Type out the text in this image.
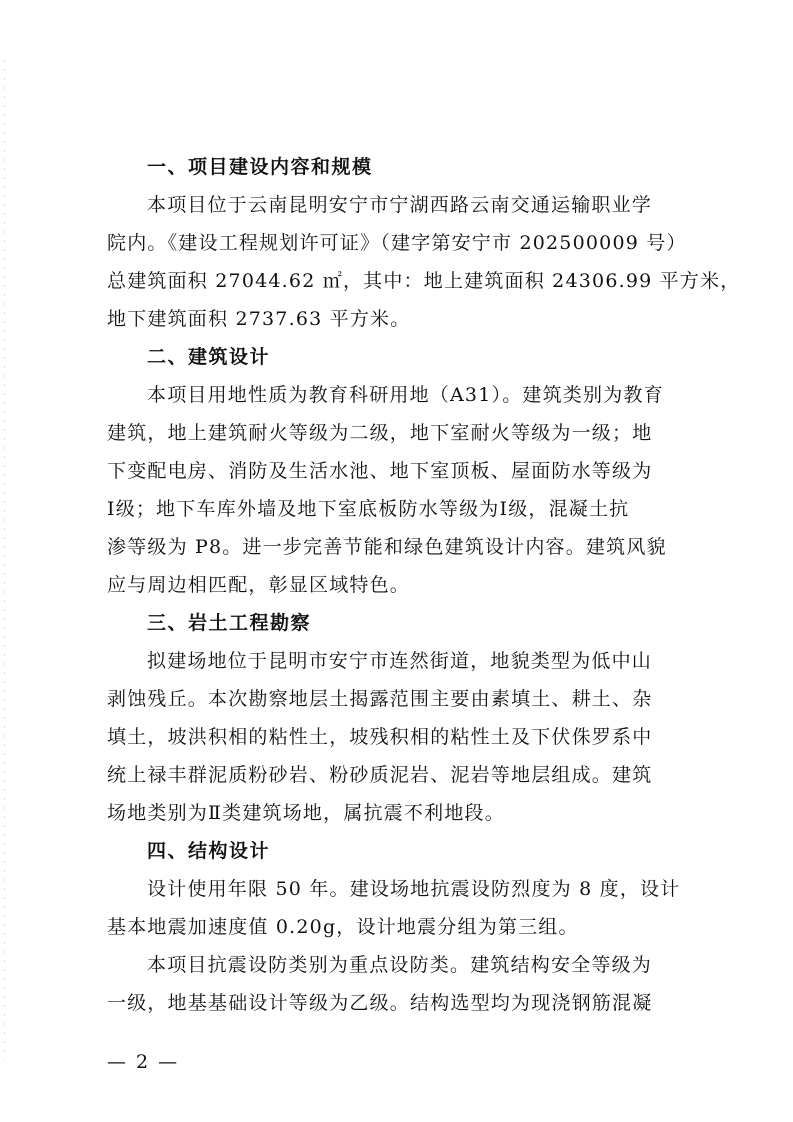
一、项目建设内容和规模

本项目位于云南昆明安宁市宁湖西路云南交通运输职业学
院内。《建设工程规划许可证》（建字第安宁市 202500009 号）
总建筑面积 27044.62 ㎡，其中：地上建筑面积 24306.99 平方米，
地下建筑面积 2737.63 平方米。

二、建筑设计

本项目用地性质为教育科研用地（A31）。建筑类别为教育
建筑，地上建筑耐火等级为二级，地下室耐火等级为一级；地
下变配电房、消防及生活水池、地下室顶板、屋面防水等级为
Ⅰ级；地下车库外墙及地下室底板防水等级为Ⅰ级，混凝土抗
渗等级为 P8。进一步完善节能和绿色建筑设计内容。建筑风貌
应与周边相匹配，彰显区域特色。

三、岩土工程勘察

拟建场地位于昆明市安宁市连然街道，地貌类型为低中山
剥蚀残丘。本次勘察地层土揭露范围主要由素填土、耕土、杂
填土，坡洪积相的粘性土，坡残积相的粘性土及下伏侏罗系中
统上禄丰群泥质粉砂岩、粉砂质泥岩、泥岩等地层组成。建筑
场地类别为Ⅱ类建筑场地，属抗震不利地段。

四、结构设计

设计使用年限 50 年。建设场地抗震设防烈度为 8 度，设计
基本地震加速度值 0.20g，设计地震分组为第三组。

本项目抗震设防类别为重点设防类。建筑结构安全等级为
一级，地基基础设计等级为乙级。结构选型均为现浇钢筋混凝

— 2 —
